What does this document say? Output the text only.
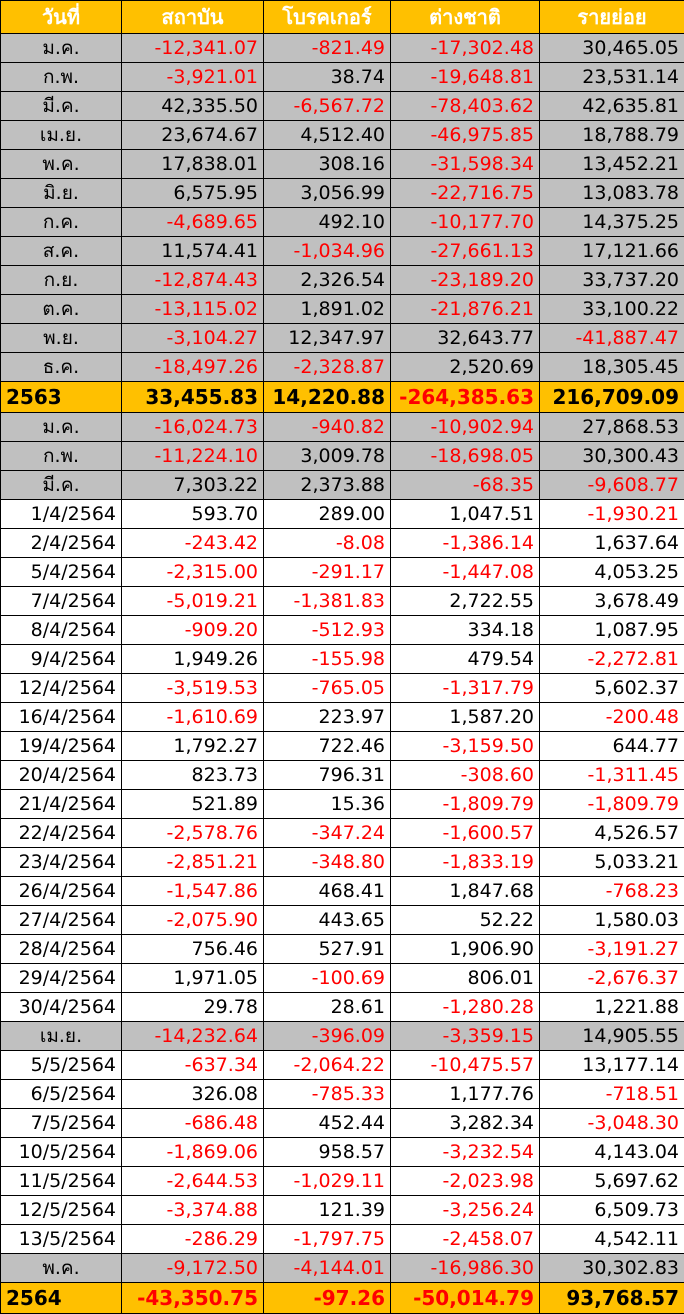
วันที่	สถาบัน	โบรคเกอร์	ต่างชาติ	รายย่อย
ม.ค.	-12,341.07	-821.49	-17,302.48	30,465.05
ก.พ.	-3,921.01	38.74	-19,648.81	23,531.14
มี.ค.	42,335.50	-6,567.72	-78,403.62	42,635.81
เม.ย.	23,674.67	4,512.40	-46,975.85	18,788.79
พ.ค.	17,838.01	308.16	-31,598.34	13,452.21
มิ.ย.	6,575.95	3,056.99	-22,716.75	13,083.78
ก.ค.	-4,689.65	492.10	-10,177.70	14,375.25
ส.ค.	11,574.41	-1,034.96	-27,661.13	17,121.66
ก.ย.	-12,874.43	2,326.54	-23,189.20	33,737.20
ต.ค.	-13,115.02	1,891.02	-21,876.21	33,100.22
พ.ย.	-3,104.27	12,347.97	32,643.77	-41,887.47
ธ.ค.	-18,497.26	-2,328.87	2,520.69	18,305.45
2563	33,455.83	14,220.88	-264,385.63	216,709.09
ม.ค.	-16,024.73	-940.82	-10,902.94	27,868.53
ก.พ.	-11,224.10	3,009.78	-18,698.05	30,300.43
มี.ค.	7,303.22	2,373.88	-68.35	-9,608.77
1/4/2564	593.70	289.00	1,047.51	-1,930.21
2/4/2564	-243.42	-8.08	-1,386.14	1,637.64
5/4/2564	-2,315.00	-291.17	-1,447.08	4,053.25
7/4/2564	-5,019.21	-1,381.83	2,722.55	3,678.49
8/4/2564	-909.20	-512.93	334.18	1,087.95
9/4/2564	1,949.26	-155.98	479.54	-2,272.81
12/4/2564	-3,519.53	-765.05	-1,317.79	5,602.37
16/4/2564	-1,610.69	223.97	1,587.20	-200.48
19/4/2564	1,792.27	722.46	-3,159.50	644.77
20/4/2564	823.73	796.31	-308.60	-1,311.45
21/4/2564	521.89	15.36	-1,809.79	-1,809.79
22/4/2564	-2,578.76	-347.24	-1,600.57	4,526.57
23/4/2564	-2,851.21	-348.80	-1,833.19	5,033.21
26/4/2564	-1,547.86	468.41	1,847.68	-768.23
27/4/2564	-2,075.90	443.65	52.22	1,580.03
28/4/2564	756.46	527.91	1,906.90	-3,191.27
29/4/2564	1,971.05	-100.69	806.01	-2,676.37
30/4/2564	29.78	28.61	-1,280.28	1,221.88
เม.ย.	-14,232.64	-396.09	-3,359.15	14,905.55
5/5/2564	-637.34	-2,064.22	-10,475.57	13,177.14
6/5/2564	326.08	-785.33	1,177.76	-718.51
7/5/2564	-686.48	452.44	3,282.34	-3,048.30
10/5/2564	-1,869.06	958.57	-3,232.54	4,143.04
11/5/2564	-2,644.53	-1,029.11	-2,023.98	5,697.62
12/5/2564	-3,374.88	121.39	-3,256.24	6,509.73
13/5/2564	-286.29	-1,797.75	-2,458.07	4,542.11
พ.ค.	-9,172.50	-4,144.01	-16,986.30	30,302.83
2564	-43,350.75	-97.26	-50,014.79	93,768.57
